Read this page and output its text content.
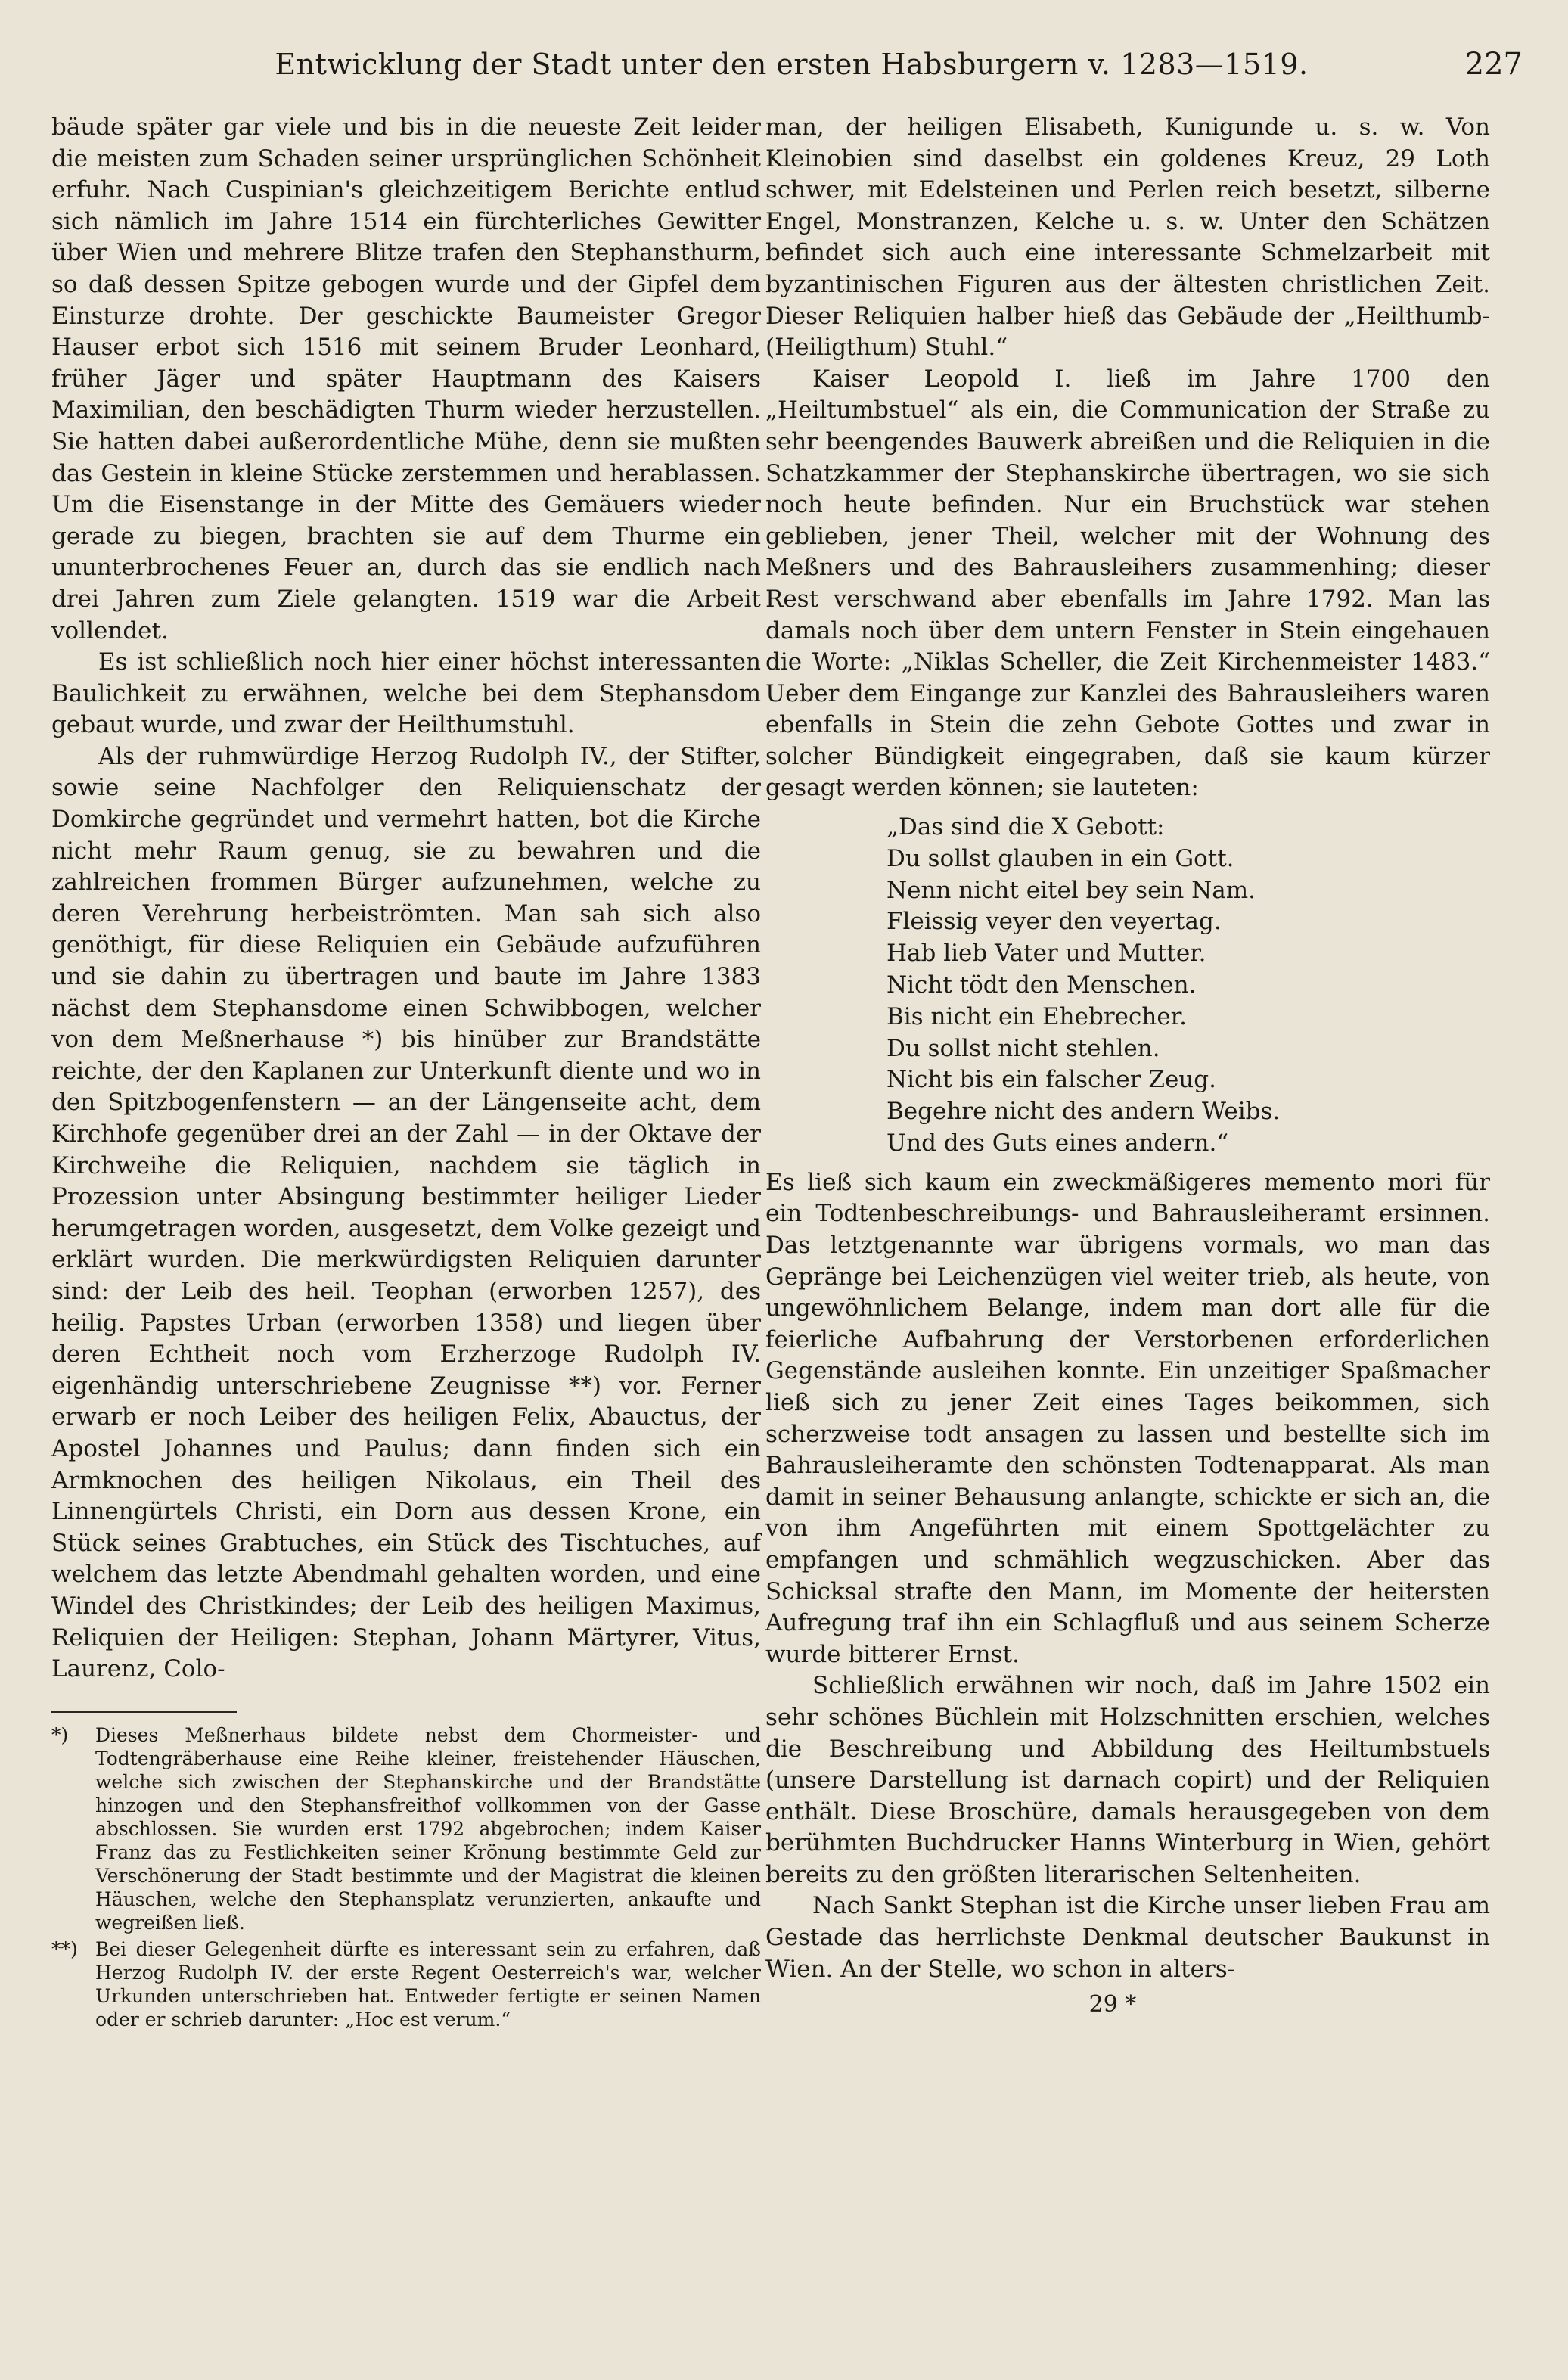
Entwicklung der Stadt unter den ersten Habsburgern v. 1283—1519.	227

bäude später gar viele und bis in die neueste Zeit leider die meisten zum Schaden seiner ursprünglichen Schönheit erfuhr. Nach Cuspinian's gleichzeitigem Berichte entlud sich nämlich im Jahre 1514 ein fürchterliches Gewitter über Wien und mehrere Blitze trafen den Stephansthurm, so daß dessen Spitze gebogen wurde und der Gipfel dem Einsturze drohte. Der geschickte Baumeister Gregor Hauser erbot sich 1516 mit seinem Bruder Leonhard, früher Jäger und später Hauptmann des Kaisers Maximilian, den beschädigten Thurm wieder herzustellen. Sie hatten dabei außerordentliche Mühe, denn sie mußten das Gestein in kleine Stücke zerstemmen und herablassen. Um die Eisenstange in der Mitte des Gemäuers wieder gerade zu biegen, brachten sie auf dem Thurme ein ununterbrochenes Feuer an, durch das sie endlich nach drei Jahren zum Ziele gelangten. 1519 war die Arbeit vollendet.

Es ist schließlich noch hier einer höchst interessanten Baulichkeit zu erwähnen, welche bei dem Stephansdom gebaut wurde, und zwar der Heilthumstuhl.

Als der ruhmwürdige Herzog Rudolph IV., der Stifter, sowie seine Nachfolger den Reliquienschatz der Domkirche gegründet und vermehrt hatten, bot die Kirche nicht mehr Raum genug, sie zu bewahren und die zahlreichen frommen Bürger aufzunehmen, welche zu deren Verehrung herbeiströmten. Man sah sich also genöthigt, für diese Reliquien ein Gebäude aufzuführen und sie dahin zu übertragen und baute im Jahre 1383 nächst dem Stephansdome einen Schwibbogen, welcher von dem Meßnerhause *) bis hinüber zur Brandstätte reichte, der den Kaplanen zur Unterkunft diente und wo in den Spitzbogenfenstern — an der Längenseite acht, dem Kirchhofe gegenüber drei an der Zahl — in der Oktave der Kirchweihe die Reliquien, nachdem sie täglich in Prozession unter Absingung bestimmter heiliger Lieder herumgetragen worden, ausgesetzt, dem Volke gezeigt und erklärt wurden. Die merkwürdigsten Reliquien darunter sind: der Leib des heil. Teophan (erworben 1257), des heilig. Papstes Urban (erworben 1358) und liegen über deren Echtheit noch vom Erzherzoge Rudolph IV. eigenhändig unterschriebene Zeugnisse **) vor. Ferner erwarb er noch Leiber des heiligen Felix, Abauctus, der Apostel Johannes und Paulus; dann finden sich ein Armknochen des heiligen Nikolaus, ein Theil des Linnengürtels Christi, ein Dorn aus dessen Krone, ein Stück seines Grabtuches, ein Stück des Tischtuches, auf welchem das letzte Abendmahl gehalten worden, und eine Windel des Christkindes; der Leib des heiligen Maximus, Reliquien der Heiligen: Stephan, Johann Märtyrer, Vitus, Laurenz, Colo-

*) Dieses Meßnerhaus bildete nebst dem Chormeister- und Todtengräberhause eine Reihe kleiner, freistehender Häuschen, welche sich zwischen der Stephanskirche und der Brandstätte hinzogen und den Stephansfreithof vollkommen von der Gasse abschlossen. Sie wurden erst 1792 abgebrochen; indem Kaiser Franz das zu Festlichkeiten seiner Krönung bestimmte Geld zur Verschönerung der Stadt bestimmte und der Magistrat die kleinen Häuschen, welche den Stephansplatz verunzierten, ankaufte und wegreißen ließ.
**) Bei dieser Gelegenheit dürfte es interessant sein zu erfahren, daß Herzog Rudolph IV. der erste Regent Oesterreich's war, welcher Urkunden unterschrieben hat. Entweder fertigte er seinen Namen oder er schrieb darunter: „Hoc est verum.“

man, der heiligen Elisabeth, Kunigunde u. s. w. Von Kleinobien sind daselbst ein goldenes Kreuz, 29 Loth schwer, mit Edelsteinen und Perlen reich besetzt, silberne Engel, Monstranzen, Kelche u. s. w. Unter den Schätzen befindet sich auch eine interessante Schmelzarbeit mit byzantinischen Figuren aus der ältesten christlichen Zeit. Dieser Reliquien halber hieß das Gebäude der „Heilthumb- (Heiligthum) Stuhl.“

Kaiser Leopold I. ließ im Jahre 1700 den „Heiltumbstuel“ als ein, die Communication der Straße zu sehr beengendes Bauwerk abreißen und die Reliquien in die Schatzkammer der Stephanskirche übertragen, wo sie sich noch heute befinden. Nur ein Bruchstück war stehen geblieben, jener Theil, welcher mit der Wohnung des Meßners und des Bahrausleihers zusammenhing; dieser Rest verschwand aber ebenfalls im Jahre 1792. Man las damals noch über dem untern Fenster in Stein eingehauen die Worte: „Niklas Scheller, die Zeit Kirchenmeister 1483.“ Ueber dem Eingange zur Kanzlei des Bahrausleihers waren ebenfalls in Stein die zehn Gebote Gottes und zwar in solcher Bündigkeit eingegraben, daß sie kaum kürzer gesagt werden können; sie lauteten:

„Das sind die X Gebott:
Du sollst glauben in ein Gott.
Nenn nicht eitel bey sein Nam.
Fleissig veyer den veyertag.
Hab lieb Vater und Mutter.
Nicht tödt den Menschen.
Bis nicht ein Ehebrecher.
Du sollst nicht stehlen.
Nicht bis ein falscher Zeug.
Begehre nicht des andern Weibs.
Und des Guts eines andern.“

Es ließ sich kaum ein zweckmäßigeres memento mori für ein Todtenbeschreibungs- und Bahrausleiheramt ersinnen. Das letztgenannte war übrigens vormals, wo man das Gepränge bei Leichenzügen viel weiter trieb, als heute, von ungewöhnlichem Belange, indem man dort alle für die feierliche Aufbahrung der Verstorbenen erforderlichen Gegenstände ausleihen konnte. Ein unzeitiger Spaßmacher ließ sich zu jener Zeit eines Tages beikommen, sich scherzweise todt ansagen zu lassen und bestellte sich im Bahrausleiheramte den schönsten Todtenapparat. Als man damit in seiner Behausung anlangte, schickte er sich an, die von ihm Angeführten mit einem Spottgelächter zu empfangen und schmählich wegzuschicken. Aber das Schicksal strafte den Mann, im Momente der heitersten Aufregung traf ihn ein Schlagfluß und aus seinem Scherze wurde bitterer Ernst.

Schließlich erwähnen wir noch, daß im Jahre 1502 ein sehr schönes Büchlein mit Holzschnitten erschien, welches die Beschreibung und Abbildung des Heiltumbstuels (unsere Darstellung ist darnach copirt) und der Reliquien enthält. Diese Broschüre, damals herausgegeben von dem berühmten Buchdrucker Hanns Winterburg in Wien, gehört bereits zu den größten literarischen Seltenheiten.

Nach Sankt Stephan ist die Kirche unser lieben Frau am Gestade das herrlichste Denkmal deutscher Baukunst in Wien. An der Stelle, wo schon in alters-

29 *
